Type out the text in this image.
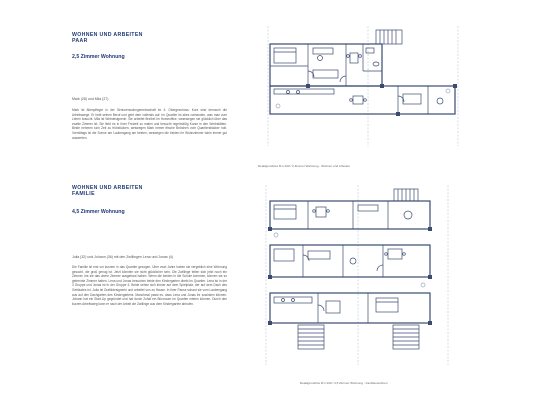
WOHNEN UND ARBEITEN
PAAR
2,5 Zimmer Wohnung
Mark (28) und Mila (27)
Mark ist Altenpfleger in der Seniorenwohngemeinschaft im 4. Obergeschoss. Kurz sind dennoch die Arbeitswege. Er liebt seinen Beruf und geht dem vollends auf. Im Quartier ist alles vorhanden, was man zum Leben braucht. Mila ist Webdesignerin. Sie arbeitet flexibel im Homeoffice, wesewegen sie glücklich über das zweite Zimmer ist. Sie liebt es in ihrer Freizeit zu malen und besucht regelmäßig Kurse in den Werkstätten. Beide nehmen sich Zeit zu frühstücken, weswegen Mark immer frische Brötchen vom Quartiersbäcker holt. Vormittags ist die Sonne am Laubengang am besten, weswegen die beiden ihr Wohnzimmer darin immer gut auswerten.
Detailgrundriss M 1:100 / 2 Zimmer Wohnung - Wohnen und Arbeiten
WOHNEN UND ARBEITEN
FAMILIE
4,5 Zimmer Wohnung
Julia (32) und Johann (36) mit den Zwillingen Lena und Jonas (4)
Die Familie ist erst vor kurzem in das Quartier gezogen. Über zwei Jahre haben sie vergeblich eine Wohnung gesucht, die groß genug ist. Jetzt könnten sie nicht glücklicher sein. Die Zwillinge teilen sich jetzt noch ein Zimmer, bis sie das obere Zimmer ausgebaut haben. Wenn die beiden in die Schule kommen, können sie so getrennte Zimmer haben. Lena und Jonas besuchen beide den Kindergarten direkt im Quartier. Lena ist in der 3 Gruppe und Jonas ist in der Gruppe 4. Beide sehen sich immer auf dem Spielplatz, der auf dem Dach des Gebäudes ist. Julia ist Grafikdesignerin und arbeitet von zu Hause. In ihrer Pause schaut sie vom Laubengang aus auf den Dachgarten des Kindergartens. Manchmal passt es, dass Lena und Jonas ihr zuwinken können. Johann hat ein Start-Up gegründet und hat durch Zufall ein Büroraum im Quartier mieten können. Durch den kurzen Arbeitsweg kann er nach der Arbeit die Zwillinge aus dem Kindergarten abholen.
Detailgrundriss M 1:100 / 4,5 Zimmer Wohnung - Familienwohnen
